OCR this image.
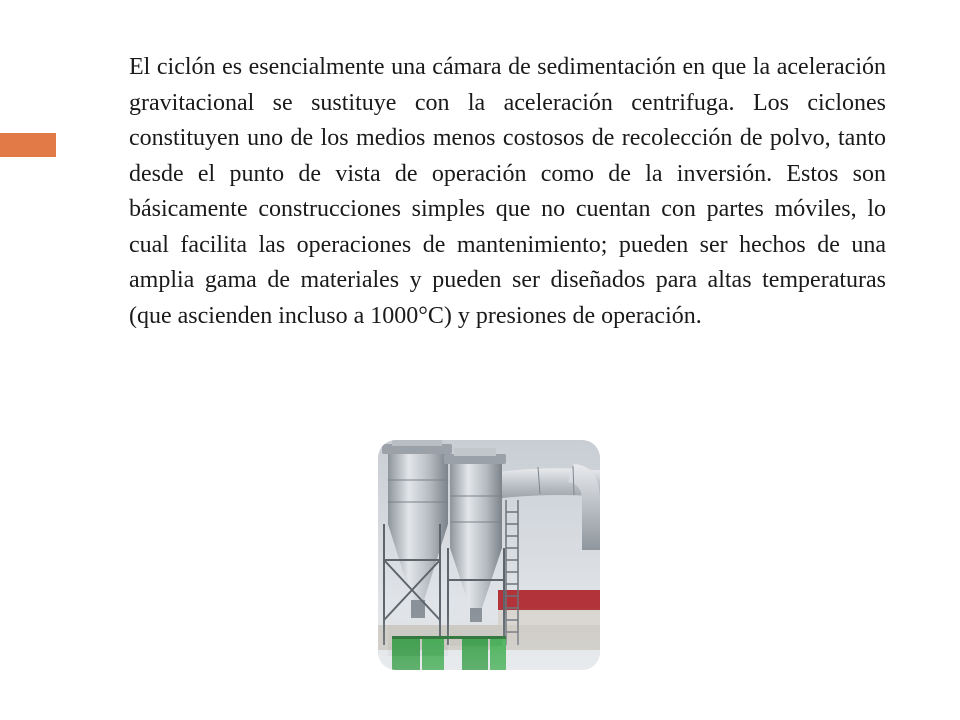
El ciclón es esencialmente una cámara de sedimentación en que la aceleración gravitacional se sustituye con la aceleración centrifuga. Los ciclones constituyen uno de los medios menos costosos de recolección de polvo, tanto desde el punto de vista de operación como de la inversión. Estos son básicamente construcciones simples que no cuentan con partes móviles, lo cual facilita las operaciones de mantenimiento; pueden ser hechos de una amplia gama de materiales y pueden ser diseñados para altas temperaturas (que ascienden incluso a 1000°C) y presiones de operación.
